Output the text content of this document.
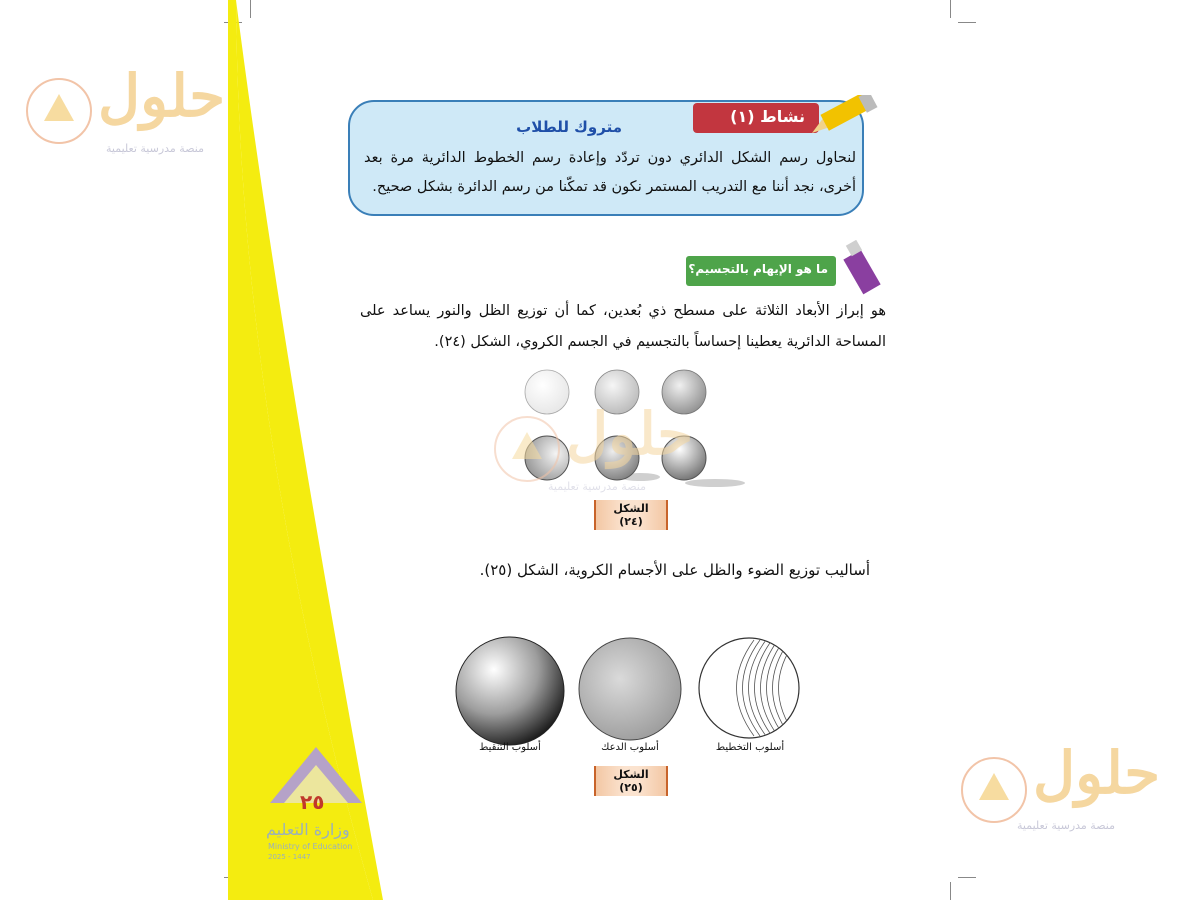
حلول
منصة مدرسية تعليمية
نشاط (١)
متروك للطلاب
لنحاول رسم الشكل الدائري دون تردّد وإعادة رسم الخطوط الدائرية مرة بعد أخرى، نجد أننا مع التدريب المستمر نكون قد تمكّنا من رسم الدائرة بشكل صحيح.
ما هو الإيهام بالتجسيم؟
هو إبراز الأبعاد الثلاثة على مسطح ذي بُعدين، كما أن توزيع الظل والنور يساعد على المساحة الدائرية يعطينا إحساساً بالتجسيم في الجسم الكروي، الشكل (٢٤).
حلول
منصة مدرسية تعليمية
الشكل (٢٤)
أساليب توزيع الضوء والظل على الأجسام الكروية، الشكل (٢٥).
أسلوب التنقيط	أسلوب الدعك	أسلوب التخطيط
الشكل (٢٥)
٢٥
وزارة التعليم
Ministry of Education
2025 - 1447
حلول
منصة مدرسية تعليمية
